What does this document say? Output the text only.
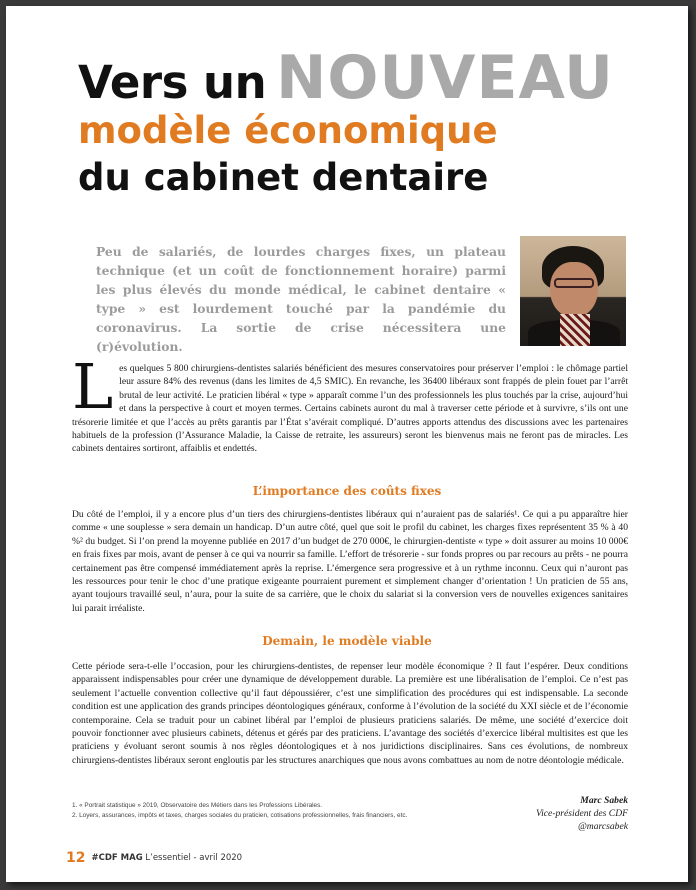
Vers un NOUVEAU
modèle économique
du cabinet dentaire
Peu de salariés, de lourdes charges fixes, un plateau technique (et un coût de fonctionnement horaire) parmi les plus élevés du monde médical, le cabinet dentaire « type » est lourdement touché par la pandémie du coronavirus. La sortie de crise nécessitera une (r)évolution.
Les quelques 5 800 chirurgiens-dentistes salariés bénéficient des mesures conservatoires pour préserver l’emploi : le chômage partiel leur assure 84% des revenus (dans les limites de 4,5 SMIC). En revanche, les 36400 libéraux sont frappés de plein fouet par l’arrêt brutal de leur activité. Le praticien libéral « type » apparaît comme l’un des professionnels les plus touchés par la crise, aujourd’hui et dans la perspective à court et moyen termes. Certains cabinets auront du mal à traverser cette période et à survivre, s’ils ont une trésorerie limitée et que l’accès au prêts garantis par l’État s’avérait compliqué. D’autres apports attendus des discussions avec les partenaires habituels de la profession (l’Assurance Maladie, la Caisse de retraite, les assureurs) seront les bienvenus mais ne feront pas de miracles. Les cabinets dentaires sortiront, affaiblis et endettés.
L’importance des coûts fixes
Du côté de l’emploi, il y a encore plus d’un tiers des chirurgiens-dentistes libéraux qui n’auraient pas de salariés¹. Ce qui a pu apparaître hier comme « une souplesse » sera demain un handicap. D’un autre côté, quel que soit le profil du cabinet, les charges fixes représentent 35 % à 40 %² du budget. Si l’on prend la moyenne publiée en 2017 d’un budget de 270 000€, le chirurgien-dentiste « type » doit assurer au moins 10 000€ en frais fixes par mois, avant de penser à ce qui va nourrir sa famille. L’effort de trésorerie - sur fonds propres ou par recours au prêts - ne pourra certainement pas être compensé immédiatement après la reprise. L’émergence sera progressive et à un rythme inconnu. Ceux qui n’auront pas les ressources pour tenir le choc d’une pratique exigeante pourraient purement et simplement changer d’orientation ! Un praticien de 55 ans, ayant toujours travaillé seul, n’aura, pour la suite de sa carrière, que le choix du salariat si la conversion vers de nouvelles exigences sanitaires lui parait irréaliste.
Demain, le modèle viable
Cette période sera-t-elle l’occasion, pour les chirurgiens-dentistes, de repenser leur modèle économique ? Il faut l’espérer. Deux conditions apparaissent indispensables pour créer une dynamique de développement durable. La première est une libéralisation de l’emploi. Ce n’est pas seulement l’actuelle convention collective qu’il faut dépoussiérer, c’est une simplification des procédures qui est indispensable. La seconde condition est une application des grands principes déontologiques généraux, conforme à l’évolution de la société du XXI siècle et de l’économie contemporaine. Cela se traduit pour un cabinet libéral par l’emploi de plusieurs praticiens salariés. De même, une société d’exercice doit pouvoir fonctionner avec plusieurs cabinets, détenus et gérés par des praticiens. L’avantage des sociétés d’exercice libéral multisites est que les praticiens y évoluant seront soumis à nos règles déontologiques et à nos juridictions disciplinaires. Sans ces évolutions, de nombreux chirurgiens-dentistes libéraux seront engloutis par les structures anarchiques que nous avons combattues au nom de notre déontologie médicale.
1. « Portrait statistique » 2019, Observatoire des Métiers dans les Professions Libérales.
2. Loyers, assurances, impôts et taxes, charges sociales du praticien, cotisations professionnelles, frais financiers, etc.
Marc Sabek
Vice-président des CDF
@marcsabek
12 #CDF MAG L’essentiel - avril 2020
